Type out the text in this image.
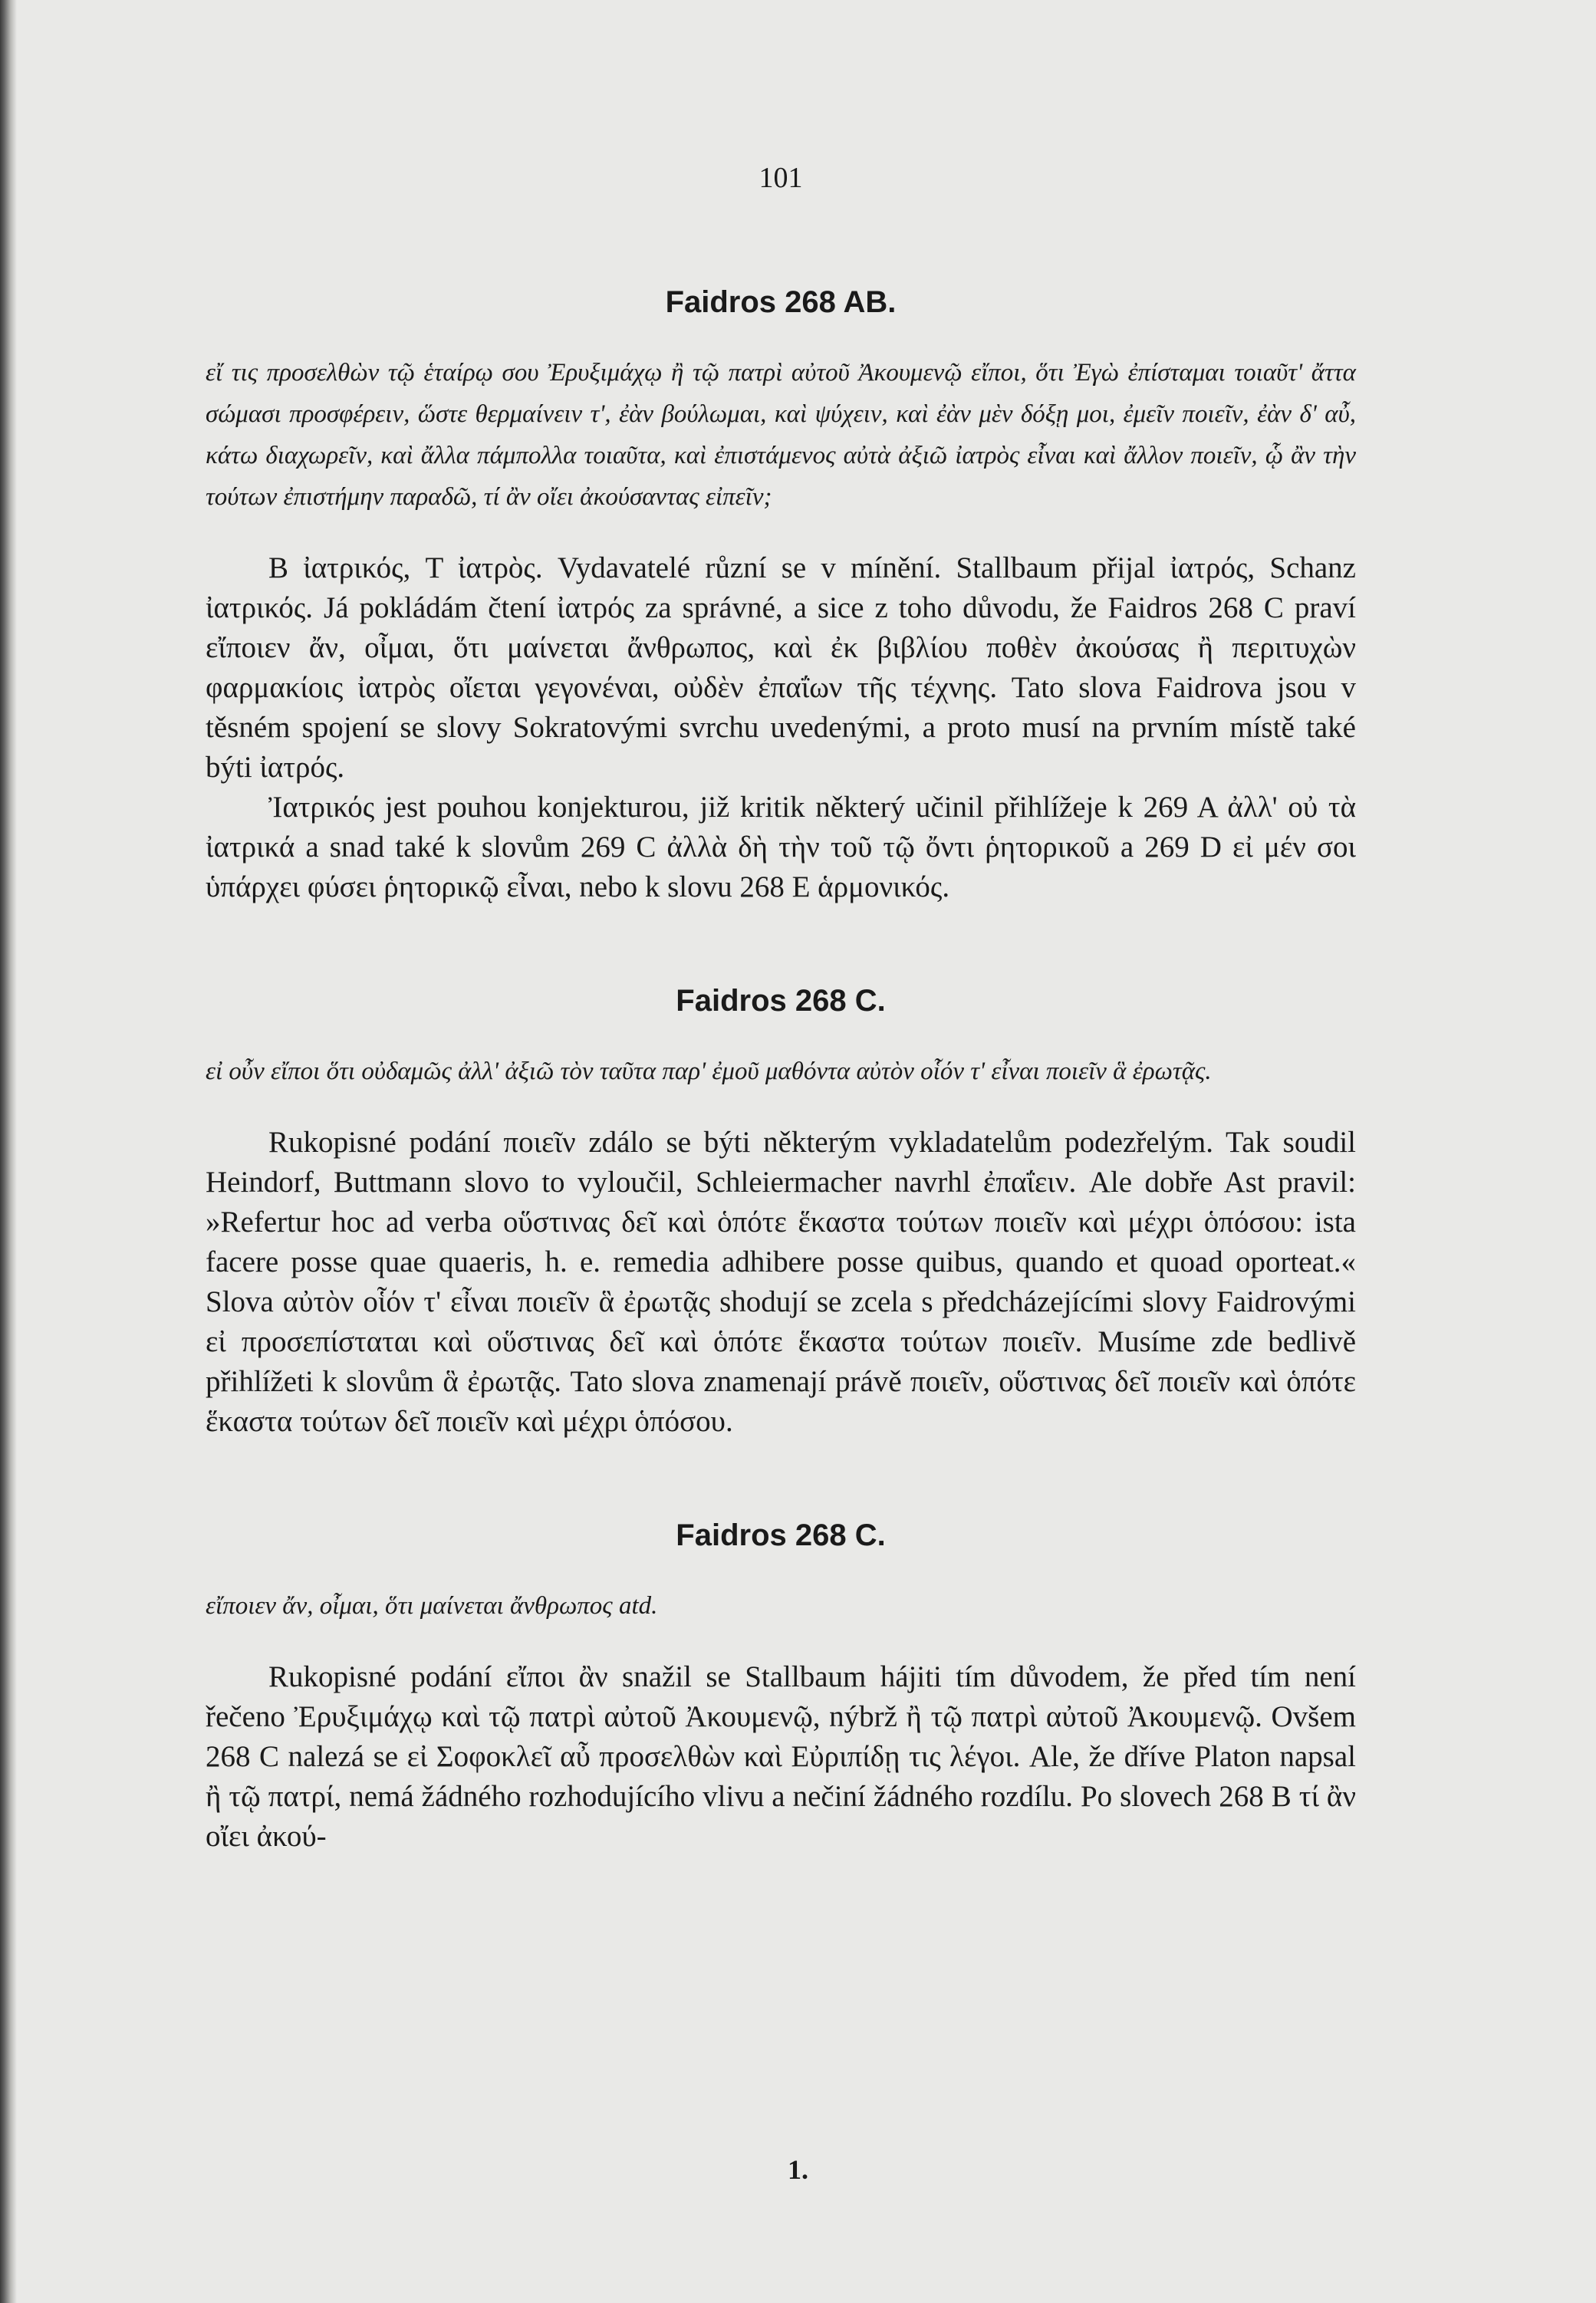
101
Faidros 268 AB.

εἴ τις προσελθὼν τῷ ἑταίρῳ σου Ἐρυξιμάχῳ ἢ τῷ πατρὶ αὐτοῦ Ἀκουμενῷ εἴποι, ὅτι Ἐγὼ ἐπίσταμαι τοιαῦτ' ἄττα σώμασι προσφέρειν, ὥστε θερμαίνειν τ', ἐὰν βούλωμαι, καὶ ψύχειν, καὶ ἐὰν μὲν δόξῃ μοι, ἐμεῖν ποιεῖν, ἐὰν δ' αὖ, κάτω διαχωρεῖν, καὶ ἄλλα πάμπολλα τοιαῦτα, καὶ ἐπιστάμενος αὐτὰ ἀξιῶ ἰατρὸς εἶναι καὶ ἄλλον ποιεῖν, ᾧ ἂν τὴν τούτων ἐπιστήμην παραδῶ, τί ἂν οἴει ἀκούσαντας εἰπεῖν;

B ἰατρικός, T ἰατρὸς. Vydavatelé různí se v mínění. Stallbaum přijal ἰατρός, Schanz ἰατρικός. Já pokládám čtení ἰατρός za správné, a sice z toho důvodu, že Faidros 268 C praví εἴποιεν ἄν, οἶμαι, ὅτι μαίνεται ἄνθρωπος, καὶ ἐκ βιβλίου ποθὲν ἀκούσας ἢ περιτυχὼν φαρμακίοις ἰατρὸς οἴεται γεγονέναι, οὐδὲν ἐπαΐων τῆς τέχνης. Tato slova Faidrova jsou v těsném spojení se slovy Sokratovými svrchu uvedenými, a proto musí na prvním místě také býti ἰατρός.

Ἰατρικός jest pouhou konjekturou, již kritik některý učinil přihlížeje k 269 A ἀλλ' οὐ τὰ ἰατρικά a snad také k slovům 269 C ἀλλὰ δὴ τὴν τοῦ τῷ ὄντι ῥητορικοῦ a 269 D εἰ μέν σοι ὑπάρχει φύσει ῥητορικῷ εἶναι, nebo k slovu 268 E ἁρμονικός.

Faidros 268 C.

εἰ οὖν εἴποι ὅτι οὐδαμῶς ἀλλ' ἀξιῶ τὸν ταῦτα παρ' ἐμοῦ μαθόντα αὐτὸν οἷόν τ' εἶναι ποιεῖν ἃ ἐρωτᾷς.

Rukopisné podání ποιεῖν zdálo se býti některým vykladatelům podezřelým. Tak soudil Heindorf, Buttmann slovo to vyloučil, Schleiermacher navrhl ἐπαΐειν. Ale dobře Ast pravil: »Refertur hoc ad verba οὕστινας δεῖ καὶ ὁπότε ἕκαστα τούτων ποιεῖν καὶ μέχρι ὁπόσου: ista facere posse quae quaeris, h. e. remedia adhibere posse quibus, quando et quoad oporteat.« Slova αὐτὸν οἷόν τ' εἶναι ποιεῖν ἃ ἐρωτᾷς shodují se zcela s předcházejícími slovy Faidrovými εἰ προσεπίσταται καὶ οὕστινας δεῖ καὶ ὁπότε ἕκαστα τούτων ποιεῖν. Musíme zde bedlivě přihlížeti k slovům ἃ ἐρωτᾷς. Tato slova znamenají právě ποιεῖν, οὕστινας δεῖ ποιεῖν καὶ ὁπότε ἕκαστα τούτων δεῖ ποιεῖν καὶ μέχρι ὁπόσου.

Faidros 268 C.

εἴποιεν ἄν, οἶμαι, ὅτι μαίνεται ἄνθρωπος atd.

Rukopisné podání εἴποι ἂν snažil se Stallbaum hájiti tím důvodem, že před tím není řečeno Ἐρυξιμάχῳ καὶ τῷ πατρὶ αὐτοῦ Ἀκουμενῷ, nýbrž ἢ τῷ πατρὶ αὐτοῦ Ἀκουμενῷ. Ovšem 268 C nalezá se εἰ Σοφοκλεῖ αὖ προσελθὼν καὶ Εὐριπίδῃ τις λέγοι. Ale, že dříve Platon napsal ἢ τῷ πατρί, nemá žádného rozhodujícího vlivu a nečiní žádného rozdílu. Po slovech 268 B τί ἂν οἴει ἀκού-

1.
